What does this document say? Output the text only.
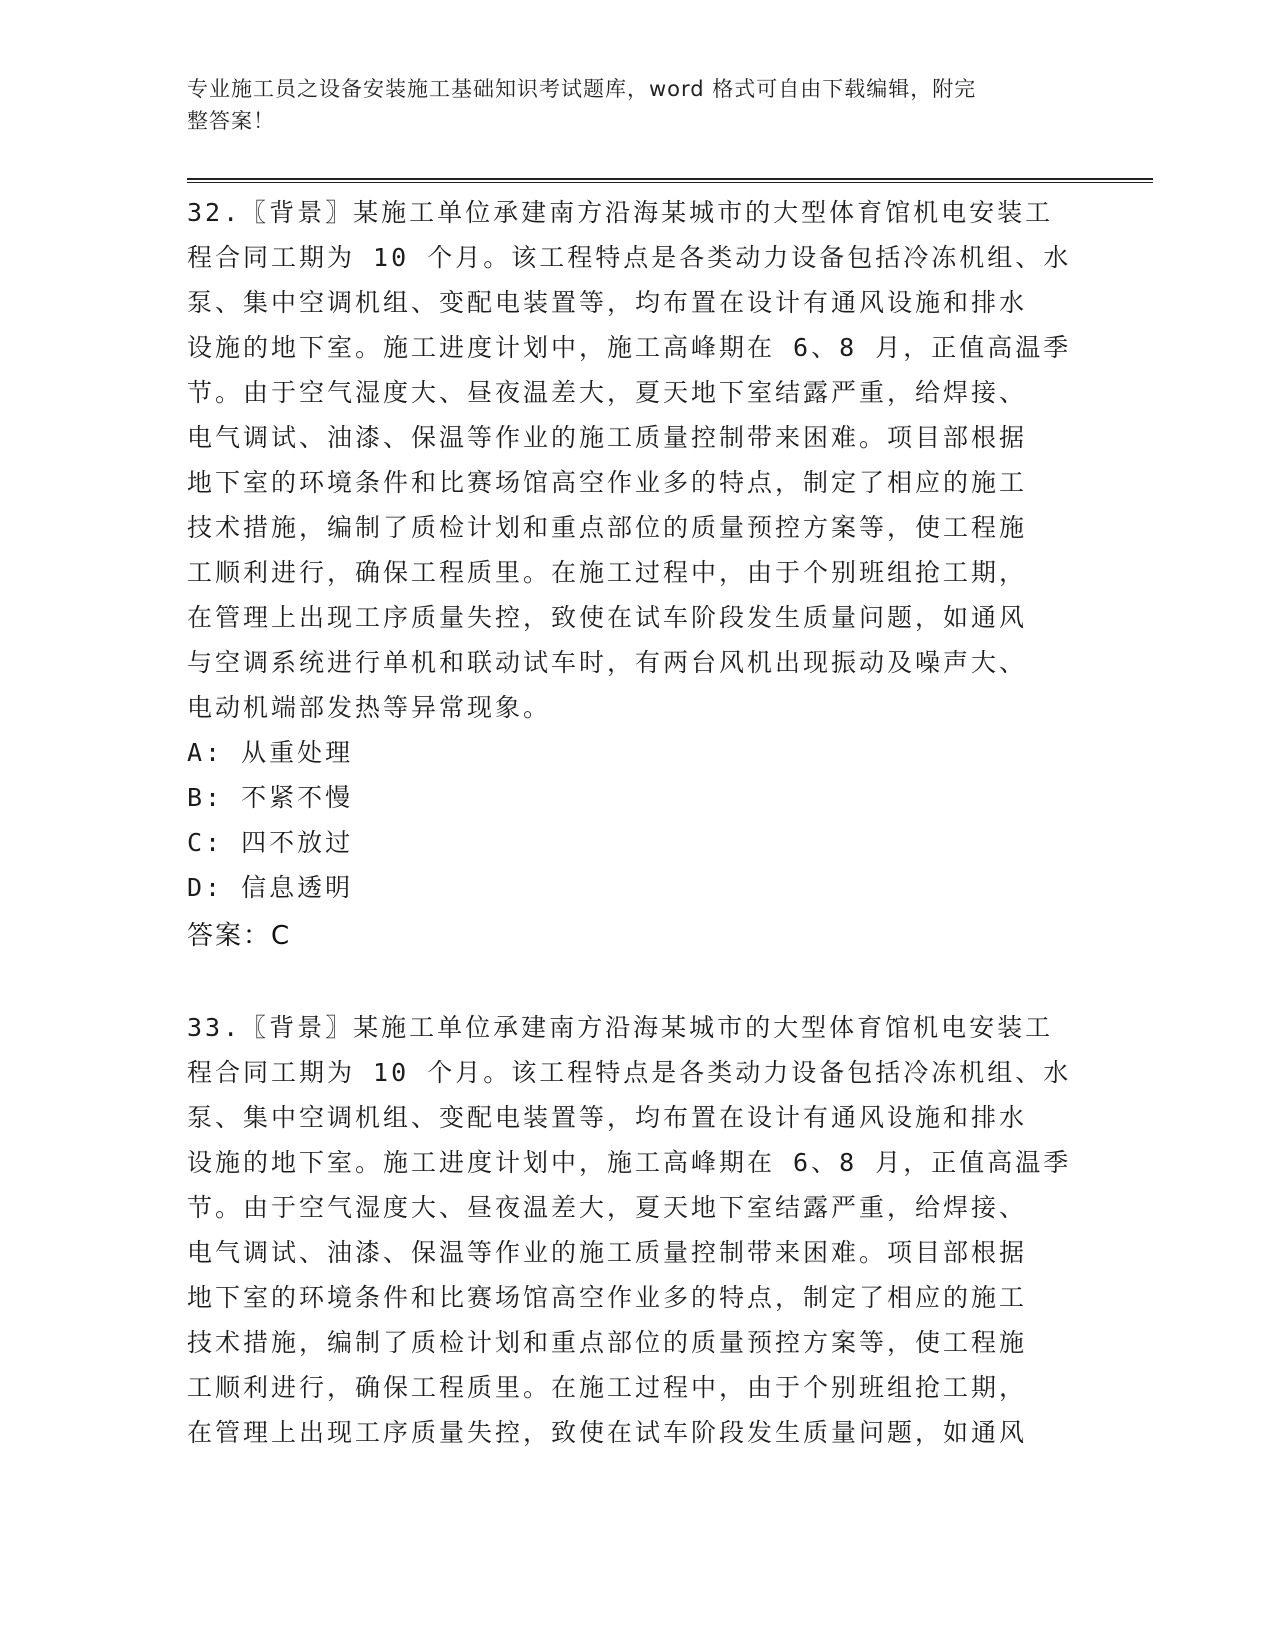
专业施工员之设备安装施工基础知识考试题库，word 格式可自由下载编辑，附完
整答案！
32.〖背景〗某施工单位承建南方沿海某城市的大型体育馆机电安装工
程合同工期为 10 个月。该工程特点是各类动力设备包括冷冻机组、水
泵、集中空调机组、变配电装置等，均布置在设计有通风设施和排水
设施的地下室。施工进度计划中，施工高峰期在 6、8 月，正值高温季
节。由于空气湿度大、昼夜温差大，夏天地下室结露严重，给焊接、
电气调试、油漆、保温等作业的施工质量控制带来困难。项目部根据
地下室的环境条件和比赛场馆高空作业多的特点，制定了相应的施工
技术措施，编制了质检计划和重点部位的质量预控方案等，使工程施
工顺利进行，确保工程质里。在施工过程中，由于个别班组抢工期，
在管理上出现工序质量失控，致使在试车阶段发生质量问题，如通风
与空调系统进行单机和联动试车时，有两台风机出现振动及噪声大、
电动机端部发热等异常现象。
A: 从重处理
B: 不紧不慢
C: 四不放过
D: 信息透明
答案：C
33.〖背景〗某施工单位承建南方沿海某城市的大型体育馆机电安装工
程合同工期为 10 个月。该工程特点是各类动力设备包括冷冻机组、水
泵、集中空调机组、变配电装置等，均布置在设计有通风设施和排水
设施的地下室。施工进度计划中，施工高峰期在 6、8 月，正值高温季
节。由于空气湿度大、昼夜温差大，夏天地下室结露严重，给焊接、
电气调试、油漆、保温等作业的施工质量控制带来困难。项目部根据
地下室的环境条件和比赛场馆高空作业多的特点，制定了相应的施工
技术措施，编制了质检计划和重点部位的质量预控方案等，使工程施
工顺利进行，确保工程质里。在施工过程中，由于个别班组抢工期，
在管理上出现工序质量失控，致使在试车阶段发生质量问题，如通风
